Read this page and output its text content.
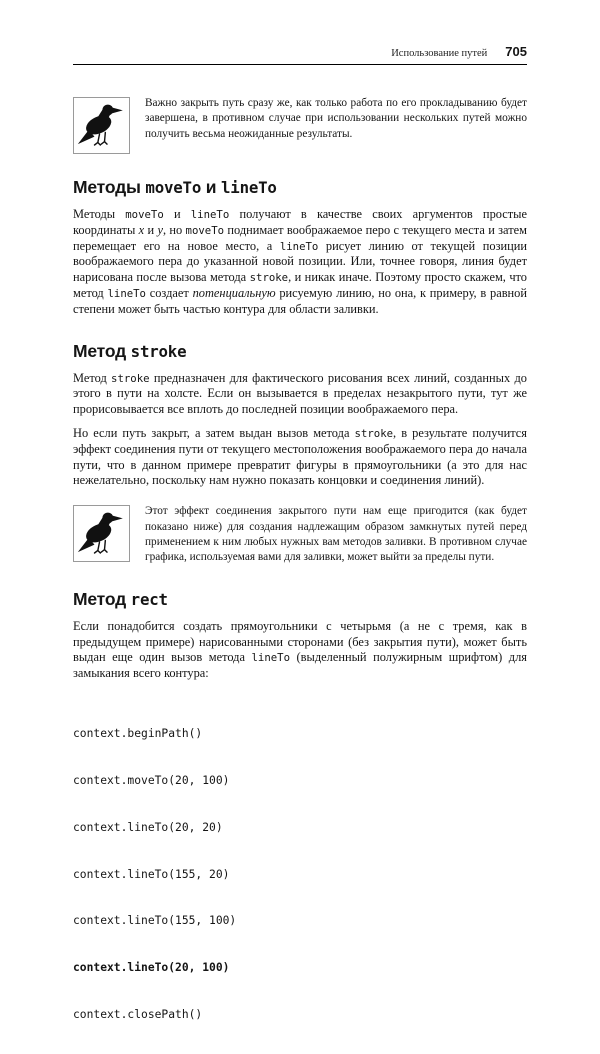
Использование путей 705

Важно закрыть путь сразу же, как только работа по его прокладыванию будет завершена, в противном случае при использовании нескольких путей можно получить весьма неожиданные результаты.

Методы moveTo и lineTo

Методы moveTo и lineTo получают в качестве своих аргументов простые координаты x и y, но moveTo поднимает воображаемое перо с текущего места и затем перемещает его на новое место, а lineTo рисует линию от текущей позиции воображаемого пера до указанной новой позиции. Или, точнее говоря, линия будет нарисована после вызова метода stroke, и никак иначе. Поэтому просто скажем, что метод lineTo создает потенциальную рисуемую линию, но она, к примеру, в равной степени может быть частью контура для области заливки.

Метод stroke

Метод stroke предназначен для фактического рисования всех линий, созданных до этого в пути на холсте. Если он вызывается в пределах незакрытого пути, тут же прорисовывается все вплоть до последней позиции воображаемого пера.

Но если путь закрыт, а затем выдан вызов метода stroke, в результате получится эффект соединения пути от текущего местоположения воображаемого пера до начала пути, что в данном примере превратит фигуры в прямоугольники (а это для нас нежелательно, поскольку нам нужно показать концовки и соединения линий).

Этот эффект соединения закрытого пути нам еще пригодится (как будет показано ниже) для создания надлежащим образом замкнутых путей перед применением к ним любых нужных вам методов заливки. В противном случае графика, используемая вами для заливки, может выйти за пределы пути.

Метод rect

Если понадобится создать прямоугольники с четырьмя (а не с тремя, как в предыдущем примере) нарисованными сторонами (без закрытия пути), может быть выдан еще один вызов метода lineTo (выделенный полужирным шрифтом) для замыкания всего контура:

context.beginPath()

context.moveTo(20, 100)

context.lineTo(20, 20)

context.lineTo(155, 20)

context.lineTo(155, 100)

context.lineTo(20, 100)

context.closePath()
